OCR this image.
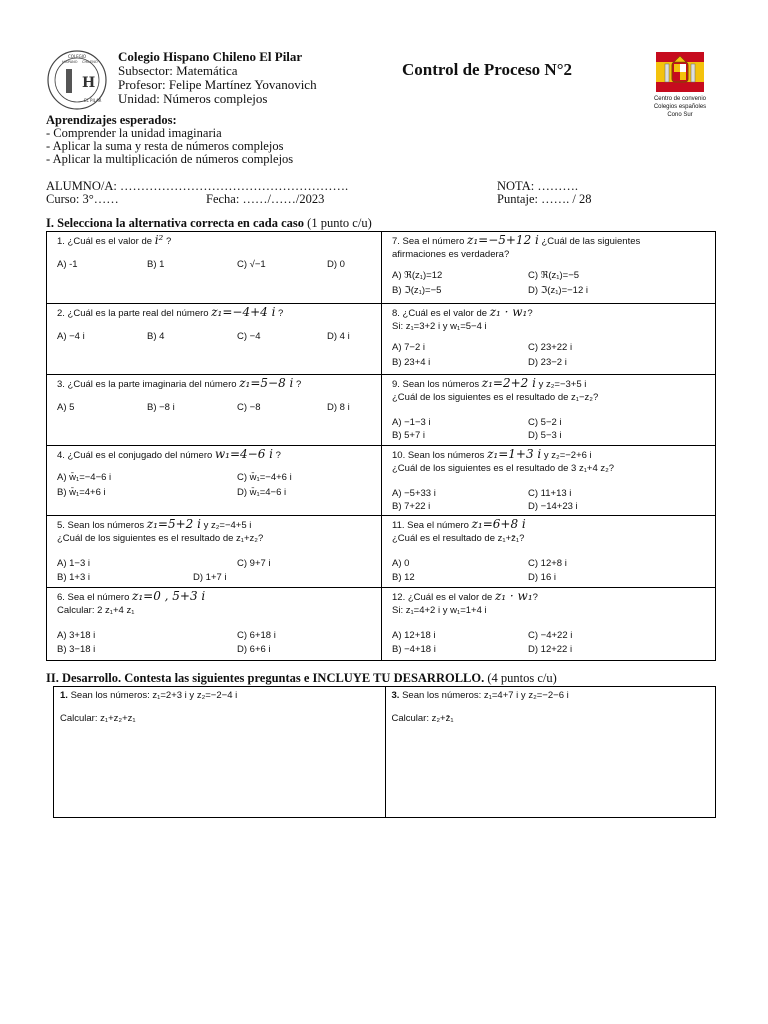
H
COLEGIO
HISPANO CHILENO
EL PILAR
Colegio Hispano Chileno El Pilar
Subsector: Matemática
Profesor: Felipe Martínez Yovanovich
Unidad: Números complejos
Control de Proceso N°2
Centro de convenio
Colegios españoles
Cono Sur
Aprendizajes esperados:
- Comprender la unidad imaginaria
- Aplicar la suma y resta de números complejos
- Aplicar la multiplicación de números complejos
ALUMNO/A: ……………………………………………….	NOTA: ……….
Curso: 3°……	Fecha: ……/……/2023	Puntaje: ……. / 28
I. Selecciona la alternativa correcta en cada caso (1 punto c/u)
1. ¿Cuál es el valor de i² ?
A) -1	B) 1	C) √−1	D) 0
7. Sea el número z₁=−5+12 i ¿Cuál de las siguientes
afirmaciones es verdadera?
A) ℜ(z₁)=12	C) ℜ(z₁)=−5
B) ℑ(z₁)=−5	D) ℑ(z₁)=−12 i
2. ¿Cuál es la parte real del número z₁=−4+4 i ?
A) −4 i	B) 4	C) −4	D) 4 i
8. ¿Cuál es el valor de z₁ · w₁?
Si: z₁=3+2 i y w₁=5−4 i
A) 7−2 i	C) 23+22 i
B) 23+4 i	D) 23−2 i
3. ¿Cuál es la parte imaginaria del número z₁=5−8 i ?
A) 5	B) −8 i	C) −8	D) 8 i
9. Sean los números z₁=2+2 i y z₂=−3+5 i
¿Cuál de los siguientes es el resultado de z₁−z₂?
A) −1−3 i	C) 5−2 i
B) 5+7 i	D) 5−3 i
4. ¿Cuál es el conjugado del número w₁=4−6 i ?
A) w̄₁=−4−6 i	C) w̄₁=−4+6 i
B) w̄₁=4+6 i	D) w̄₁=4−6 i
10. Sean los números z₁=1+3 i y z₂=−2+6 i
¿Cuál de los siguientes es el resultado de 3 z₁+4 z₂?
A) −5+33 i	C) 11+13 i
B) 7+22 i	D) −14+23 i
5. Sean los números z₁=5+2 i y z₂=−4+5 i
¿Cuál de los siguientes es el resultado de z₁+z₂?
A) 1−3 i	C) 9+7 i
B) 1+3 i	D) 1+7 i
11. Sea el número z₁=6+8 i
¿Cuál es el resultado de z₁+z̄₁?
A) 0	C) 12+8 i
B) 12	D) 16 i
6. Sea el número z₁=0 , 5+3 i
Calcular: 2 z₁+4 z₁
A) 3+18 i	C) 6+18 i
B) 3−18 i	D) 6+6 i
12. ¿Cuál es el valor de z₁ · w₁?
Si: z₁=4+2 i y w₁=1+4 i
A) 12+18 i	C) −4+22 i
B) −4+18 i	D) 12+22 i
II. Desarrollo. Contesta las siguientes preguntas e INCLUYE TU DESARROLLO. (4 puntos c/u)
1. Sean los números: z₁=2+3 i y z₂=−2−4 i
Calcular: z₁+z₂+z₁
3. Sean los números: z₁=4+7 i y z₂=−2−6 i
Calcular: z₂+z̄₁
